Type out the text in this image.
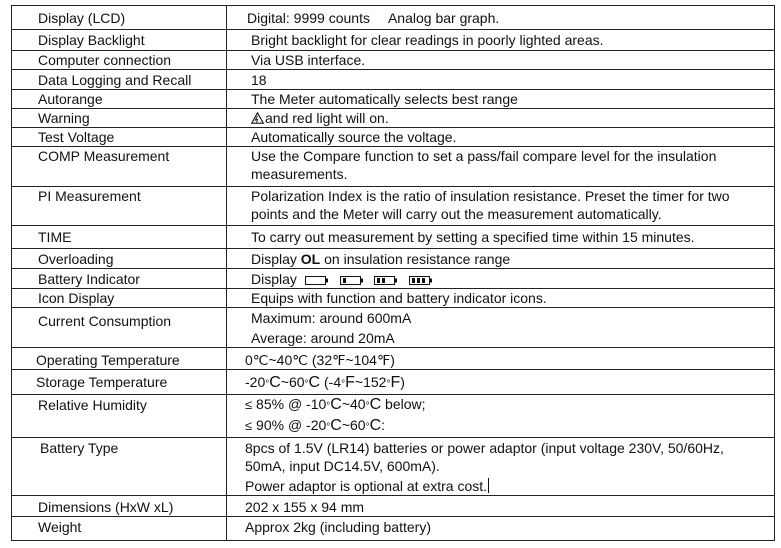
Display (LCD)	Digital: 9999 counts Analog bar graph.

Display Backlight	Bright backlight for clear readings in poorly lighted areas.

Computer connection	Via USB interface.

Data Logging and Recall	18

Autorange	The Meter automatically selects best range

Warning	and red light will on.

Test Voltage	Automatically source the voltage.

COMP Measurement	Use the Compare function to set a pass/fail compare level for the insulation
measurements.

PI Measurement	Polarization Index is the ratio of insulation resistance. Preset the timer for two
points and the Meter will carry out the measurement automatically.

TIME	To carry out measurement by setting a specified time within 15 minutes.

Overloading	Display OL on insulation resistance range

Battery Indicator	Display

Icon Display	Equips with function and battery indicator icons.

Current Consumption	Maximum: around 600mA
Average: around 20mA

Operating Temperature	0℃~40℃ (32℉~104℉)

Storage Temperature	-20°C~60°C (-4°F~152°F)

Relative Humidity	≤ 85% @ -10°C~40°C below;
≤ 90% @ -20°C~60°C:

Battery Type	8pcs of 1.5V (LR14) batteries or power adaptor (input voltage 230V, 50/60Hz,
50mA, input DC14.5V, 600mA).
Power adaptor is optional at extra cost.

Dimensions (HxW xL)	202 x 155 x 94 mm

Weight	Approx 2kg (including battery)
